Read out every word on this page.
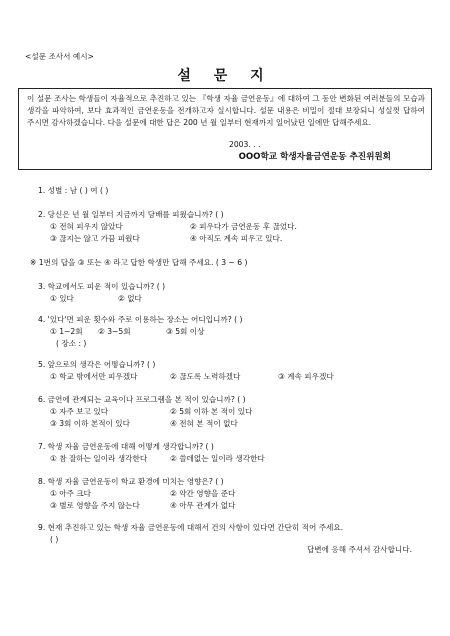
<설문 조사서 예시>
설 문 지

이 설문 조사는 학생들이 자율적으로 추진하고 있는 『학생 자율 금연운동』에 대하여 그 동안 변화된 여러분들의 모습과 생각을 파악하여, 보다 효과적인 금연운동을 전개하고자 실시합니다. 설문 내용은 비밀이 절대 보장되니 성실껏 답하여 주시면 감사하겠습니다. 다음 설문에 대한 답은 200 년 월 일부터 현재까지 일어났던 일에만 답해주세요.

2003. . .
OOO학교 학생자율금연운동 추진위원회
1. 성별 : 남 ( ) 여 ( )
2. 당신은 년 월 일부터 지금까지 담배를 피웠습니까? ( )
① 전혀 피우지 않았다	② 피우다가 금연운동 후 끊었다.
③ 끊지는 않고 가끔 피웠다	④ 아직도 계속 피우고 있다.
※ 1번의 답을 ③ 또는 ④ 라고 답한 학생만 답해 주세요. ( 3 ~ 6 )
3. 학교에서도 피운 적이 있습니까? ( )
① 있다	② 없다
4. '있다'면 피운 횟수와 주로 이용하는 장소는 어디입니까? ( )
① 1~2회 ② 3~5회	③ 5회 이상
( 장소 : )
5. 앞으로의 생각은 어떻습니까? ( )
① 학교 밖에서만 피우겠다	② 끊도록 노력하겠다	③ 계속 피우겠다
6. 금연에 관계되는 교육이나 프로그램을 본 적이 있습니까? ( )
① 자주 보고 있다	② 5회 이하 본 적이 있다
③ 3회 이하 본적이 있다	④ 전혀 본 적이 없다
7. 학생 자율 금연운동에 대해 어떻게 생각합니까? ( )
① 참 잘하는 일이라 생각한다	② 쓸데없는 일이라 생각한다
8. 학생 자율 금연운동이 학교 환경에 미치는 영향은? ( )
① 아주 크다	② 약간 영향을 준다
③ 별로 영향을 주지 않는다	④ 아무 관계가 없다
9. 현재 추진하고 있는 학생 자율 금연운동에 대해서 건의 사항이 있다면 간단히 적어 주세요.
( )
답변에 응해 주셔서 감사합니다.
